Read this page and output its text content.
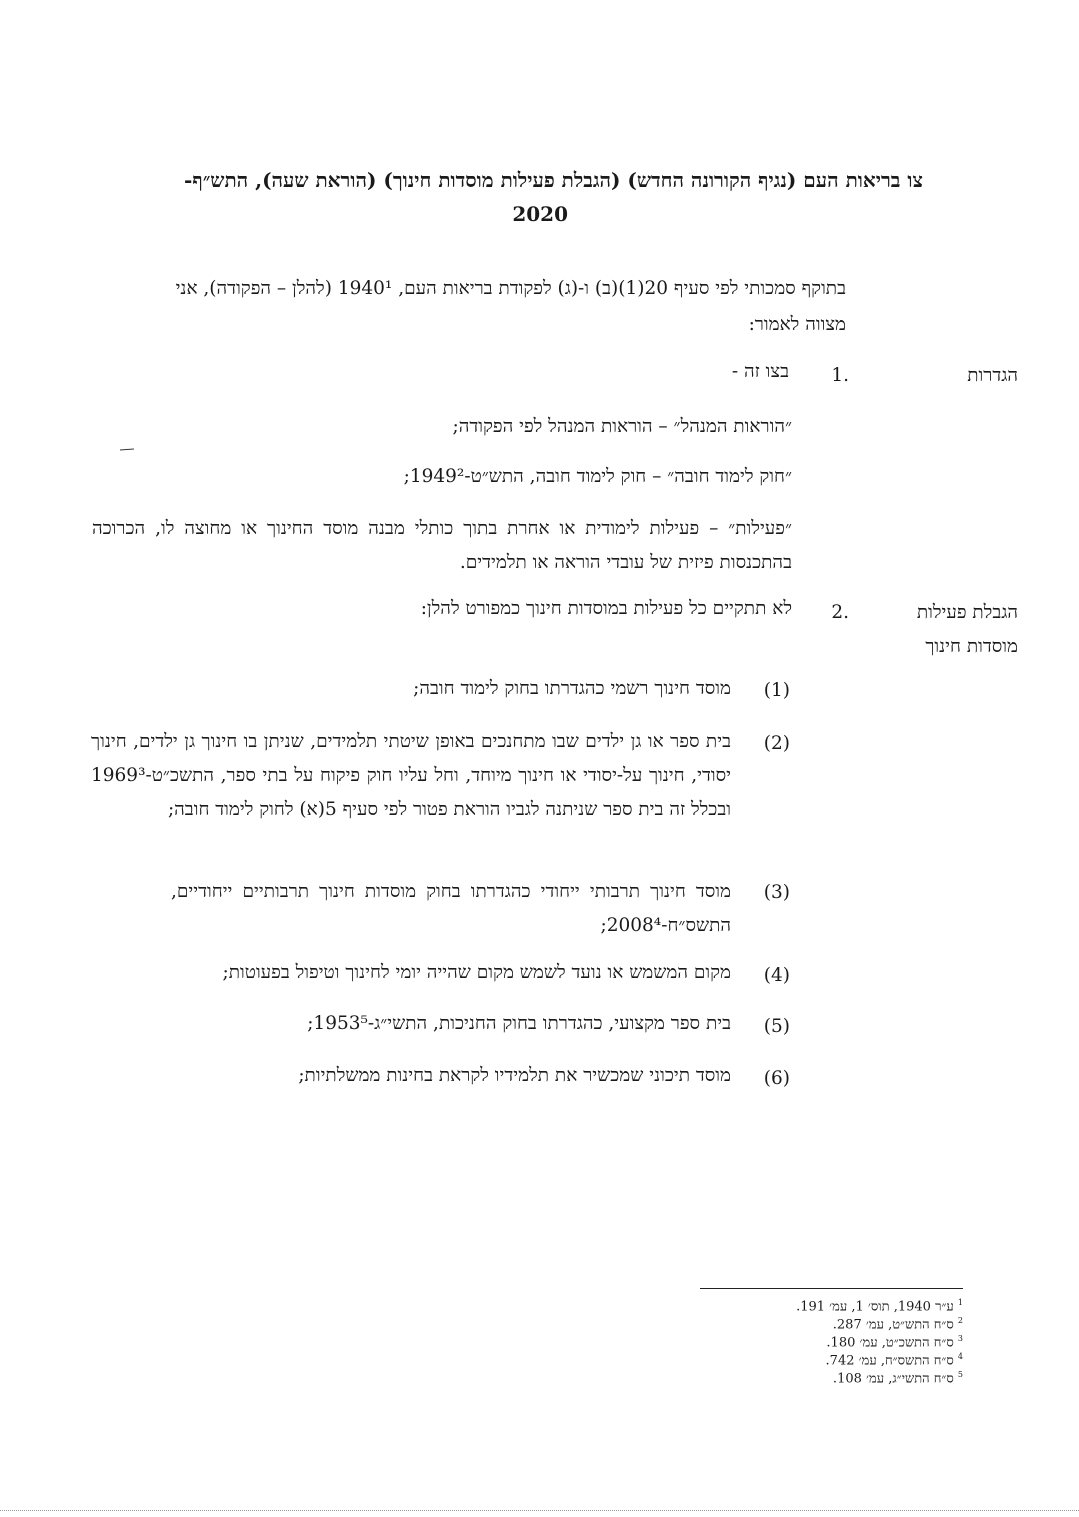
צו בריאות העם (נגיף הקורונה החדש) (הגבלת פעילות מוסדות חינוך) (הוראת שעה), התש״ף-
2020
בתוקף סמכותי לפי סעיף 20(1)(ב) ו-(ג) לפקודת בריאות העם, 1940¹ (להלן – הפקודה), אני
מצווה לאמור:
הגדרות
.1
בצו זה -
״הוראות המנהל״ – הוראות המנהל לפי הפקודה;
״חוק לימוד חובה״ – חוק לימוד חובה, התש״ט-1949²;
״פעילות״ – פעילות לימודית או אחרת בתוך כותלי מבנה מוסד החינוך או מחוצה לו, הכרוכה בהתכנסות פיזית של עובדי הוראה או תלמידים.
הגבלת פעילות
מוסדות חינוך
.2
לא תתקיים כל פעילות במוסדות חינוך כמפורט להלן:
(1)
מוסד חינוך רשמי כהגדרתו בחוק לימוד חובה;
(2)
בית ספר או גן ילדים שבו מתחנכים באופן שיטתי תלמידים, שניתן בו חינוך גן ילדים, חינוך יסודי, חינוך על-יסודי או חינוך מיוחד, וחל עליו חוק פיקוח על בתי ספר, התשכ״ט-1969³ ובכלל זה בית ספר שניתנה לגביו הוראת פטור לפי סעיף 5(א) לחוק לימוד חובה;
(3)
מוסד חינוך תרבותי ייחודי כהגדרתו בחוק מוסדות חינוך תרבותיים ייחודיים, התשס״ח-2008⁴;
(4)
מקום המשמש או נועד לשמש מקום שהייה יומי לחינוך וטיפול בפעוטות;
(5)
בית ספר מקצועי, כהגדרתו בחוק החניכות, התשי״ג-1953⁵;
(6)
מוסד תיכוני שמכשיר את תלמידיו לקראת בחינות ממשלתיות;
$^1$ ע״ר 1940, תוס׳ 1, עמ׳ 191.
$^2$ ס״ח התש״ט, עמ׳ 287.
$^3$ ס״ח התשכ״ט, עמ׳ 180.
$^4$ ס״ח התשס״ח, עמ׳ 742.
$^5$ ס״ח התשי״ג, עמ׳ 108.
